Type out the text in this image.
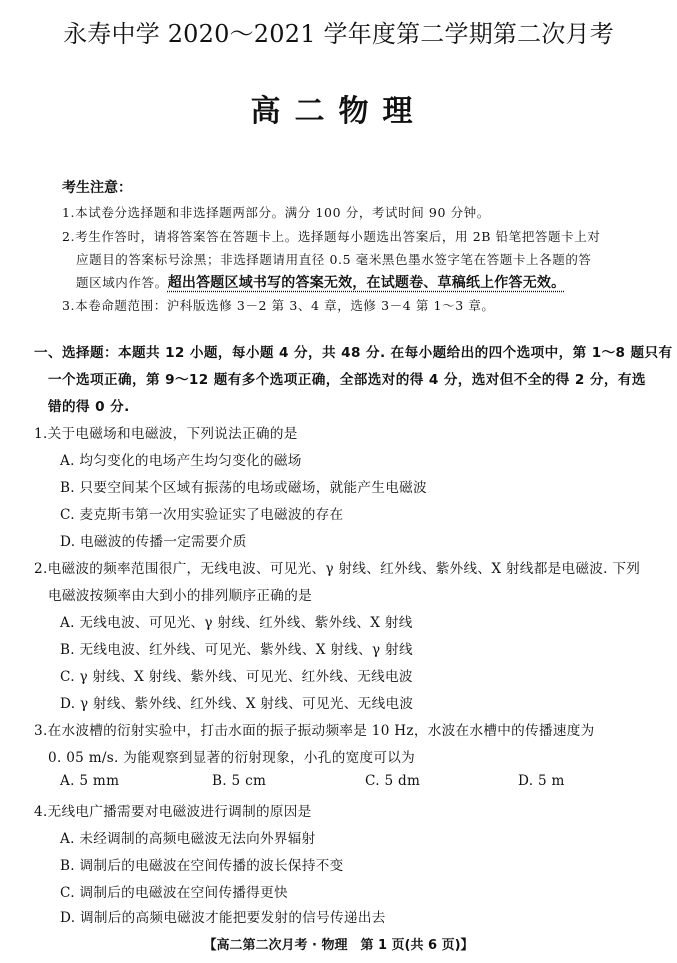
永寿中学 2020～2021 学年度第二学期第二次月考
高二物理
考生注意：
1.本试卷分选择题和非选择题两部分。满分 100 分，考试时间 90 分钟。
2.考生作答时，请将答案答在答题卡上。选择题每小题选出答案后，用 2B 铅笔把答题卡上对
应题目的答案标号涂黑；非选择题请用直径 0.5 毫米黑色墨水签字笔在答题卡上各题的答
题区域内作答。超出答题区域书写的答案无效，在试题卷、草稿纸上作答无效。
3.本卷命题范围：沪科版选修 3－2 第 3、4 章，选修 3－4 第 1～3 章。
一、选择题：本题共 12 小题，每小题 4 分，共 48 分. 在每小题给出的四个选项中，第 1～8 题只有
一个选项正确，第 9～12 题有多个选项正确，全部选对的得 4 分，选对但不全的得 2 分，有选
错的得 0 分.
1.关于电磁场和电磁波，下列说法正确的是
A. 均匀变化的电场产生均匀变化的磁场
B. 只要空间某个区域有振荡的电场或磁场，就能产生电磁波
C. 麦克斯韦第一次用实验证实了电磁波的存在
D. 电磁波的传播一定需要介质
2.电磁波的频率范围很广，无线电波、可见光、γ 射线、红外线、紫外线、X 射线都是电磁波. 下列
电磁波按频率由大到小的排列顺序正确的是
A. 无线电波、可见光、γ 射线、红外线、紫外线、X 射线
B. 无线电波、红外线、可见光、紫外线、X 射线、γ 射线
C. γ 射线、X 射线、紫外线、可见光、红外线、无线电波
D. γ 射线、紫外线、红外线、X 射线、可见光、无线电波
3.在水波槽的衍射实验中，打击水面的振子振动频率是 10 Hz，水波在水槽中的传播速度为
0. 05 m/s. 为能观察到显著的衍射现象，小孔的宽度可以为
A. 5 mm	B. 5 cm	C. 5 dm	D. 5 m
4.无线电广播需要对电磁波进行调制的原因是
A. 未经调制的高频电磁波无法向外界辐射
B. 调制后的电磁波在空间传播的波长保持不变
C. 调制后的电磁波在空间传播得更快
D. 调制后的高频电磁波才能把要发射的信号传递出去
【高二第二次月考 · 物理　第 1 页(共 6 页)】
